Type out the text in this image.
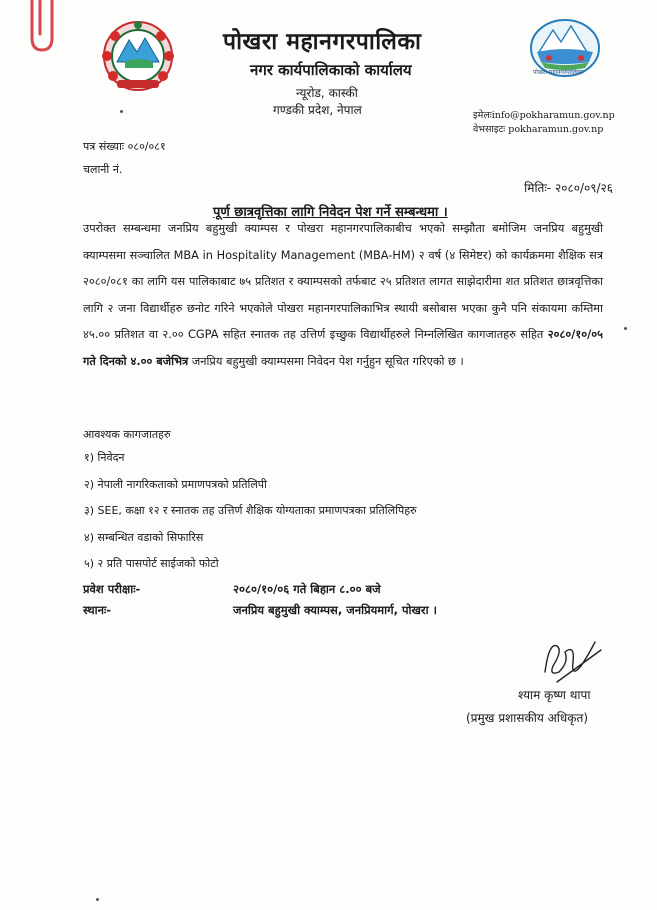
पोखरा महानगरपालिका
पोखरा महानगरपालिका
नगर कार्यपालिकाको कार्यालय
न्यूरोड, कास्की
गण्डकी प्रदेश, नेपाल	इमेलःinfo@pokharamun.gov.np
वेभसाइटः pokharamun.gov.np
पत्र संख्याः ०८०/०८१
चलानी नं.
मितिः- २०८०/०९/२६
पूर्ण छात्रवृत्तिका लागि निवेदन पेश गर्ने सम्बन्धमा ।

उपरोक्त सम्बन्धमा जनप्रिय बहुमुखी क्याम्पस र पोखरा महानगरपालिकाबीच भएको सम्झौता बमोजिम जनप्रिय बहुमुखी क्याम्पसमा सञ्चालित MBA in Hospitality Management (MBA-HM) २ वर्ष (४ सिमेष्टर) को कार्यक्रममा शैक्षिक सत्र २०८०/०८१ का लागि यस पालिकाबाट ७५ प्रतिशत र क्याम्पसको तर्फबाट २५ प्रतिशत लागत साझेदारीमा शत प्रतिशत छात्रवृत्तिका लागि २ जना विद्यार्थीहरु छनोट गरिने भएकोले पोखरा महानगरपालिकाभित्र स्थायी बसोबास भएका कुनै पनि संकायमा कम्तिमा ४५.०० प्रतिशत वा २.०० CGPA सहित स्नातक तह उत्तिर्ण इच्छुक विद्यार्थीहरुले निम्नलिखित कागजातहरु सहित २०८०/१०/०५ गते दिनको ४.०० बजेभित्र जनप्रिय बहुमुखी क्याम्पसमा निवेदन पेश गर्नुहुन सूचित गरिएको छ ।

आवश्यक कागजातहरु
१) निवेदन
२) नेपाली नागरिकताको प्रमाणपत्रको प्रतिलिपी
३) SEE, कक्षा १२ र स्नातक तह उत्तिर्ण शैक्षिक योग्यताका प्रमाणपत्रका प्रतिलिपिहरु
४) सम्बन्धित वडाको सिफारिस
५) २ प्रति पासपोर्ट साईजको फोटो
प्रवेश परीक्षाः-	२०८०/१०/०६ गते बिहान ८.०० बजे
स्थानः-	जनप्रिय बहुमुखी क्याम्पस, जनप्रियमार्ग, पोखरा ।
श्याम कृष्ण थापा
(प्रमुख प्रशासकीय अधिकृत)
